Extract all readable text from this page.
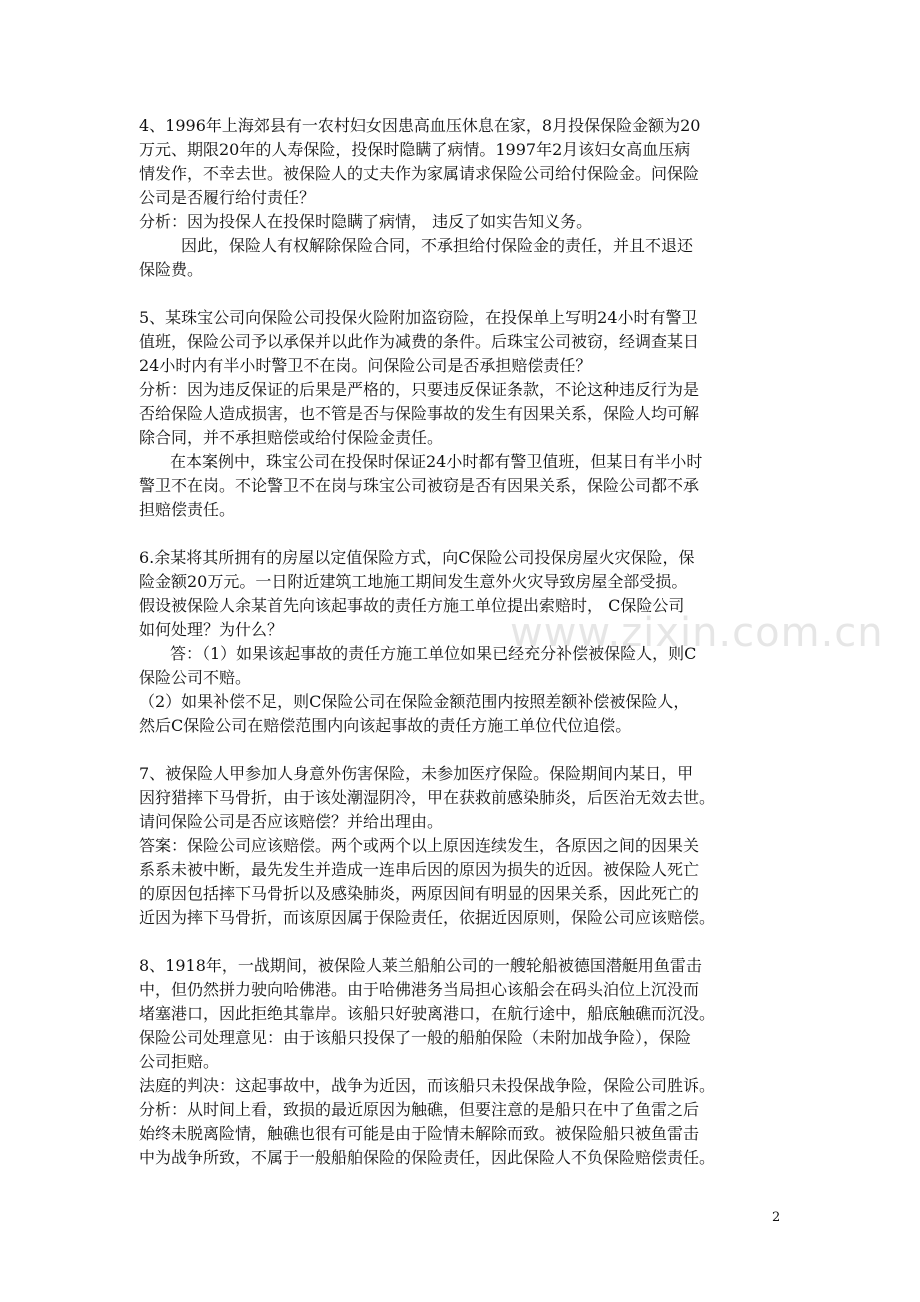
www.zixin.com.cn
4、1996年上海郊县有一农村妇女因患高血压休息在家，8月投保保险金额为20
万元、期限20年的人寿保险，投保时隐瞒了病情。1997年2月该妇女高血压病
情发作，不幸去世。被保险人的丈夫作为家属请求保险公司给付保险金。问保险
公司是否履行给付责任？
分析：因为投保人在投保时隐瞒了病情， 违反了如实告知义务。
因此，保险人有权解除保险合同，不承担给付保险金的责任，并且不退还
保险费。
5、某珠宝公司向保险公司投保火险附加盗窃险，在投保单上写明24小时有警卫
值班，保险公司予以承保并以此作为减费的条件。后珠宝公司被窃，经调查某日
24小时内有半小时警卫不在岗。问保险公司是否承担赔偿责任？
分析：因为违反保证的后果是严格的，只要违反保证条款，不论这种违反行为是
否给保险人造成损害，也不管是否与保险事故的发生有因果关系，保险人均可解
除合同，并不承担赔偿或给付保险金责任。
在本案例中，珠宝公司在投保时保证24小时都有警卫值班，但某日有半小时
警卫不在岗。不论警卫不在岗与珠宝公司被窃是否有因果关系，保险公司都不承
担赔偿责任。
6.余某将其所拥有的房屋以定值保险方式，向C保险公司投保房屋火灾保险，保
险金额20万元。一日附近建筑工地施工期间发生意外火灾导致房屋全部受损。
假设被保险人余某首先向该起事故的责任方施工单位提出索赔时， C保险公司
如何处理？为什么？
答：（1）如果该起事故的责任方施工单位如果已经充分补偿被保险人，则C
保险公司不赔。
（2）如果补偿不足，则C保险公司在保险金额范围内按照差额补偿被保险人，
然后C保险公司在赔偿范围内向该起事故的责任方施工单位代位追偿。
7、被保险人甲参加人身意外伤害保险，未参加医疗保险。保险期间内某日，甲
因狩猎摔下马骨折，由于该处潮湿阴冷，甲在获救前感染肺炎，后医治无效去世。
请问保险公司是否应该赔偿？并给出理由。
答案：保险公司应该赔偿。两个或两个以上原因连续发生，各原因之间的因果关
系系未被中断，最先发生并造成一连串后因的原因为损失的近因。被保险人死亡
的原因包括摔下马骨折以及感染肺炎，两原因间有明显的因果关系，因此死亡的
近因为摔下马骨折，而该原因属于保险责任，依据近因原则，保险公司应该赔偿。
8、1918年，一战期间，被保险人莱兰船舶公司的一艘轮船被德国潜艇用鱼雷击
中，但仍然拼力驶向哈佛港。由于哈佛港务当局担心该船会在码头泊位上沉没而
堵塞港口，因此拒绝其靠岸。该船只好驶离港口，在航行途中，船底触礁而沉没。
保险公司处理意见：由于该船只投保了一般的船舶保险（未附加战争险），保险
公司拒赔。
法庭的判决：这起事故中，战争为近因，而该船只未投保战争险，保险公司胜诉。
分析：从时间上看，致损的最近原因为触礁，但要注意的是船只在中了鱼雷之后
始终未脱离险情，触礁也很有可能是由于险情未解除而致。被保险船只被鱼雷击
中为战争所致，不属于一般船舶保险的保险责任，因此保险人不负保险赔偿责任。
2
